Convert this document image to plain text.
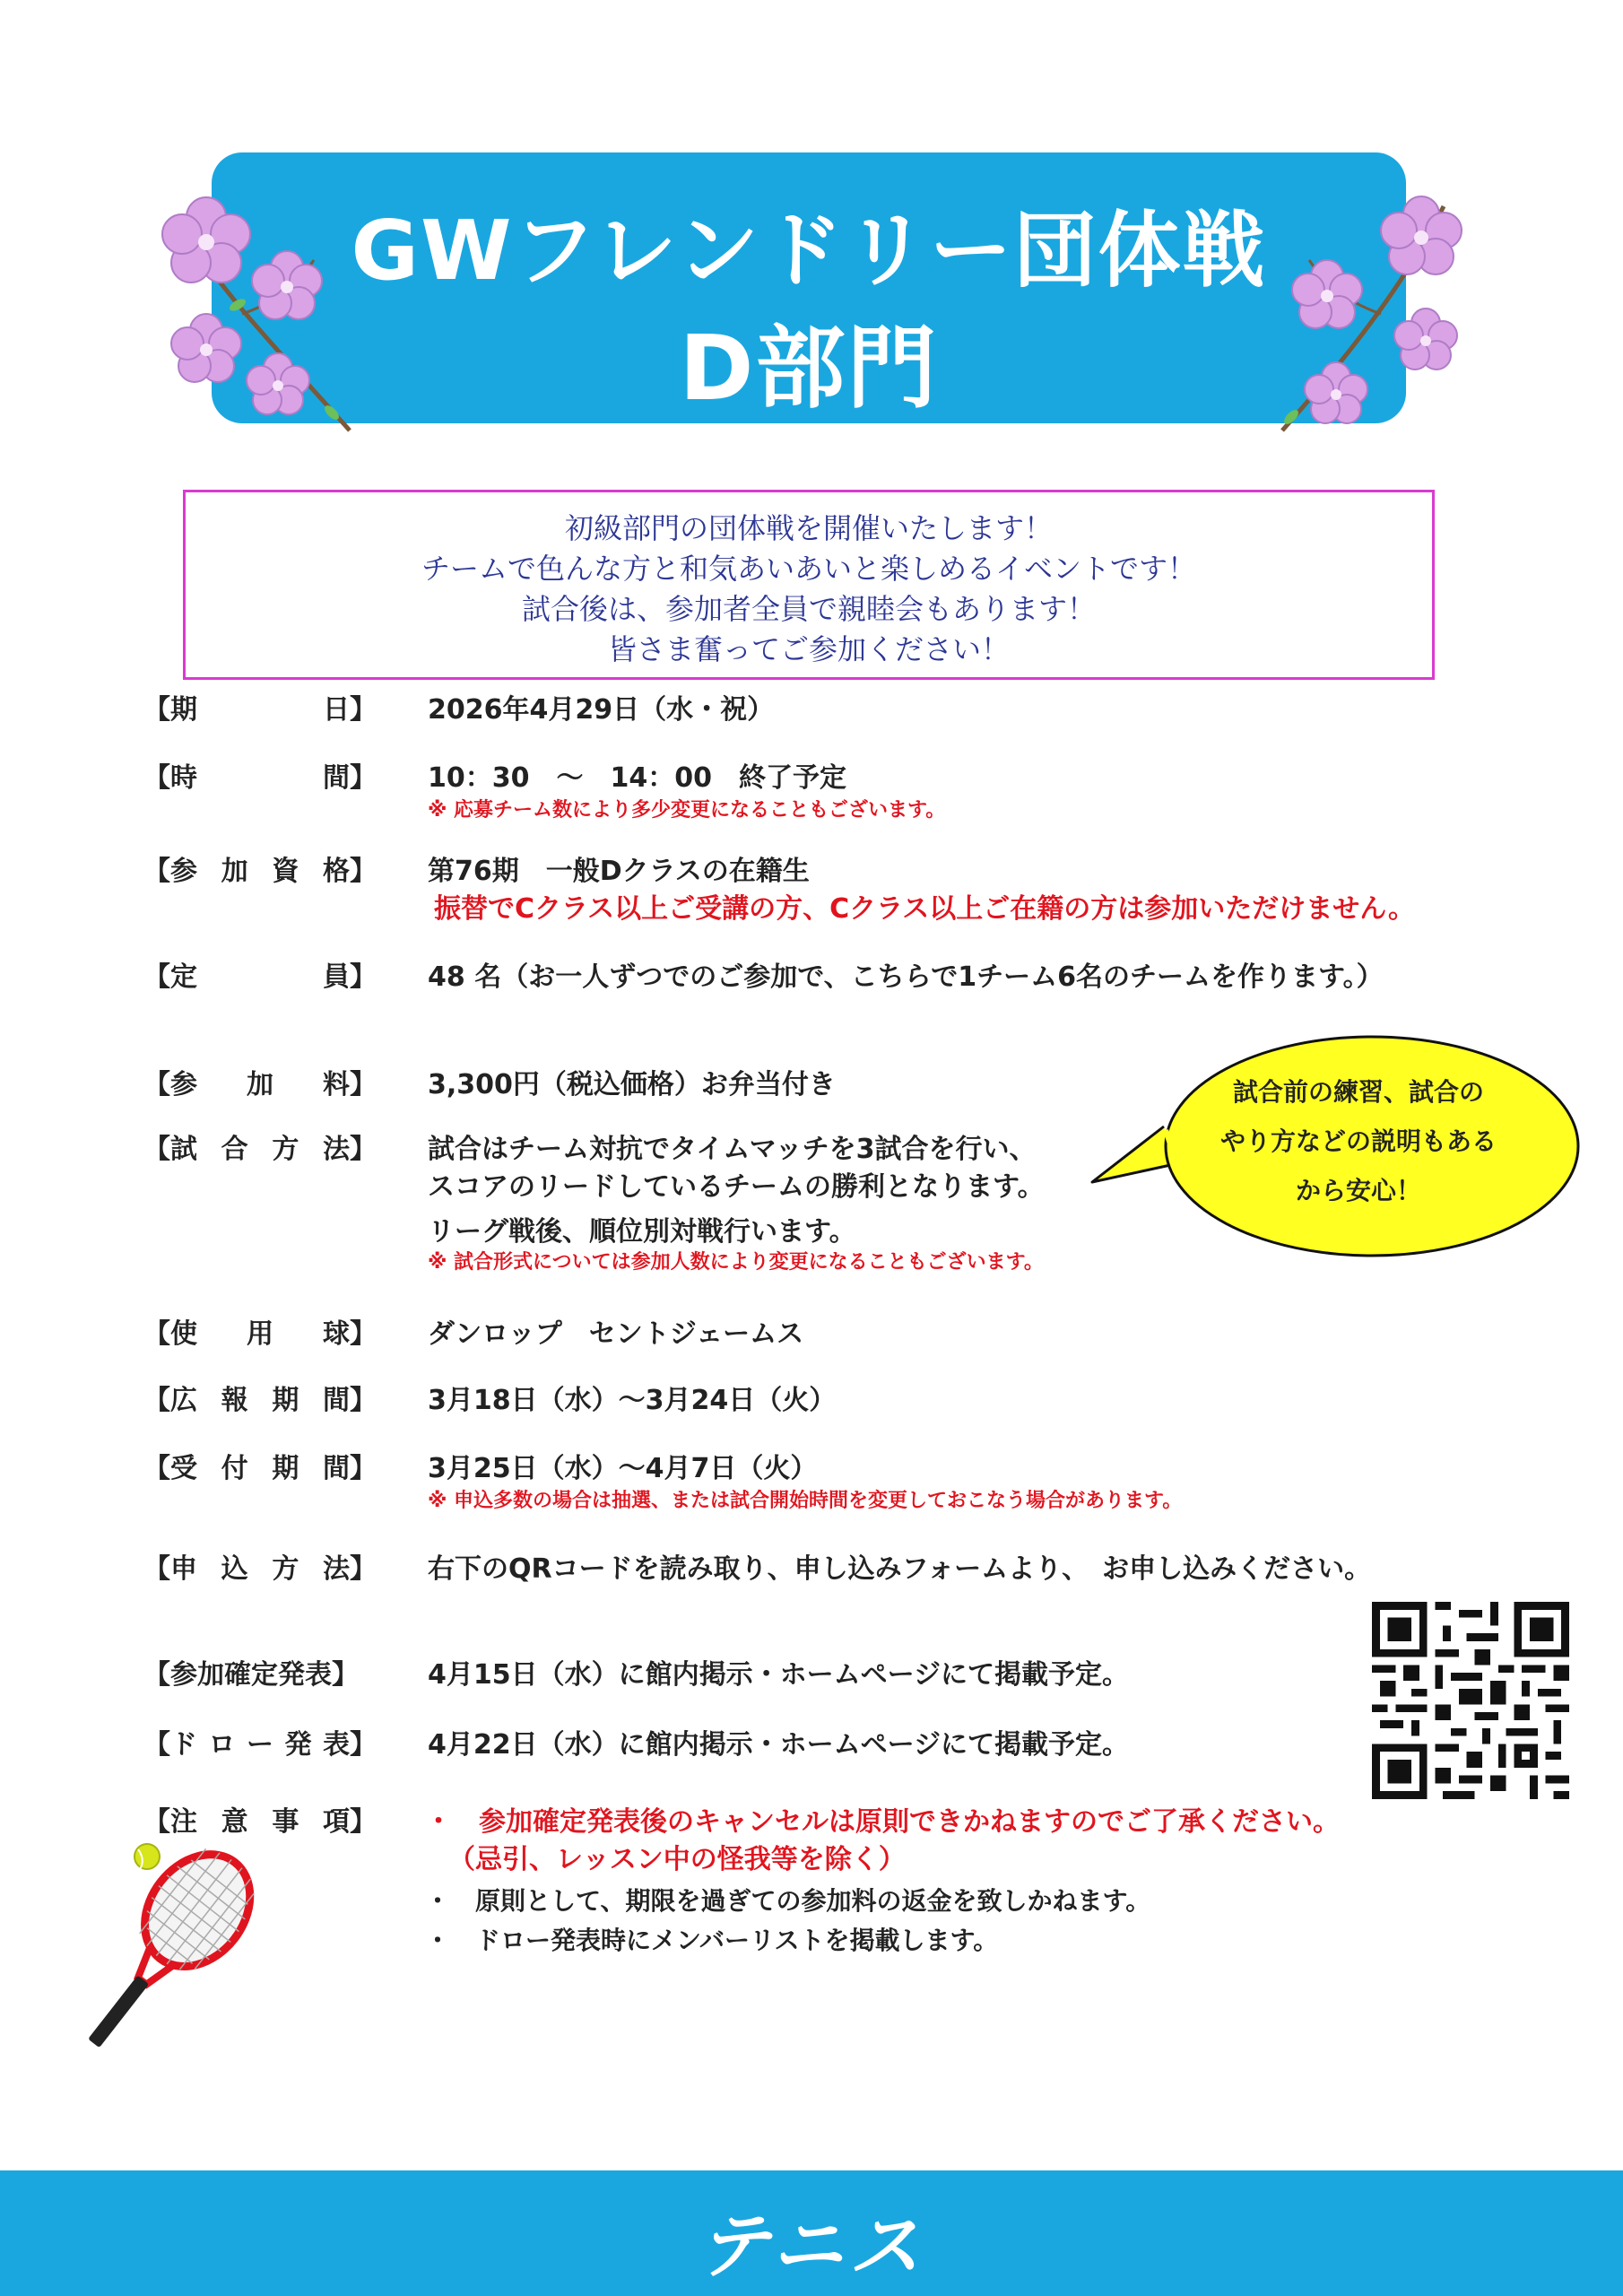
GWフレンドリー団体戦
D部門
初級部門の団体戦を開催いたします！
チームで色んな方と和気あいあいと楽しめるイベントです！
試合後は、参加者全員で親睦会もあります！
皆さま奮ってご参加ください！
【期	日】 2026年4月29日（水・祝）
【時	間】 10：30　～　14：00　終了予定
※ 応募チーム数により多少変更になることもございます。
【参 加 資 格】 第76期　一般Dクラスの在籍生
振替でCクラス以上ご受講の方、Cクラス以上ご在籍の方は参加いただけません。
【定	員】 48 名（お一人ずつでのご参加で、こちらで1チーム6名のチームを作ります。）
【参 加 料】 3,300円（税込価格）お弁当付き
【試 合 方 法】 試合はチーム対抗でタイムマッチを3試合を行い、
スコアのリードしているチームの勝利となります。
リーグ戦後、順位別対戦行います。
※ 試合形式については参加人数により変更になることもございます。
【使 用 球】 ダンロップ　セントジェームス
【広 報 期 間】 3月18日（水）～3月24日（火）
【受 付 期 間】 3月25日（水）～4月7日（火）
※ 申込多数の場合は抽選、または試合開始時間を変更しておこなう場合があります。
【申 込 方 法】 右下のQRコードを読み取り、申し込みフォームより、　お申し込みください。
【参加確定発表】	4月15日（水）に館内掲示・ホームページにて掲載予定。
【ド ロ ー 発 表】 4月22日（水）に館内掲示・ホームページにて掲載予定。
【注 意 事 項】 ・　参加確定発表後のキャンセルは原則できかねますのでご了承ください。
（忌引、レッスン中の怪我等を除く）
・　原則として、期限を過ぎての参加料の返金を致しかねます。
・　ドロー発表時にメンバーリストを掲載します。
試合前の練習、試合の
やり方などの説明もある
から安心！
テニス
